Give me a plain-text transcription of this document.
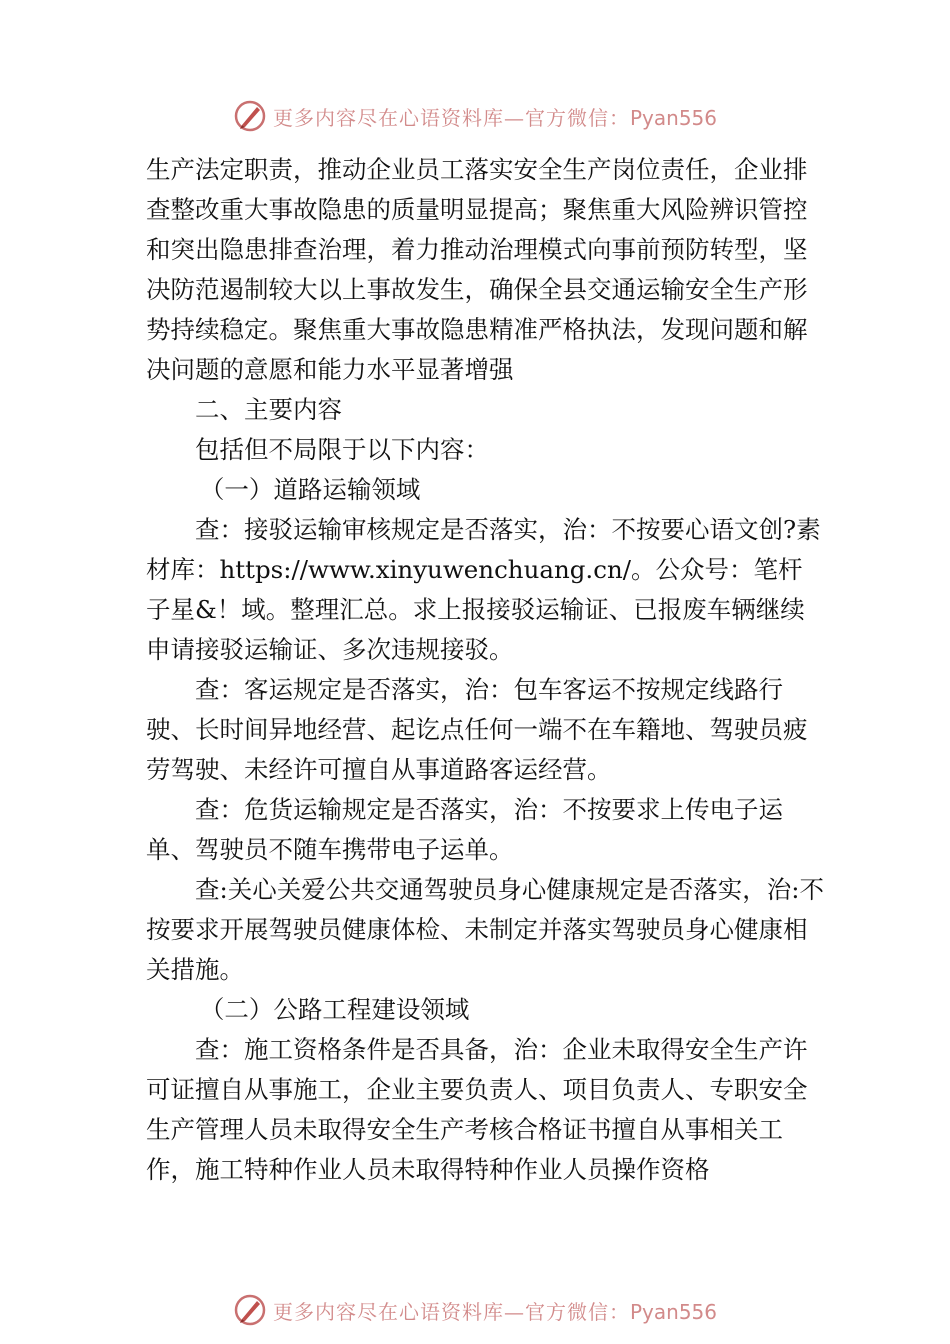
更多内容尽在心语资料库—官方微信：Pyan556

生产法定职责，推动企业员工落实安全生产岗位责任，企业排查整改重大事故隐患的质量明显提高；聚焦重大风险辨识管控和突出隐患排查治理，着力推动治理模式向事前预防转型，坚决防范遏制较大以上事故发生，确保全县交通运输安全生产形势持续稳定。聚焦重大事故隐患精准严格执法，发现问题和解决问题的意愿和能力水平显著增强

二、主要内容

包括但不局限于以下内容：

（一）道路运输领域

查：接驳运输审核规定是否落实，治：不按要心语文创?素材库：https://www.xinyuwenchuang.cn/。公众号：笔杆子星&！域。整理汇总。求上报接驳运输证、已报废车辆继续申请接驳运输证、多次违规接驳。

查：客运规定是否落实，治：包车客运不按规定线路行驶、长时间异地经营、起讫点任何一端不在车籍地、驾驶员疲劳驾驶、未经许可擅自从事道路客运经营。

查：危货运输规定是否落实，治：不按要求上传电子运单、驾驶员不随车携带电子运单。

查:关心关爱公共交通驾驶员身心健康规定是否落实，治:不按要求开展驾驶员健康体检、未制定并落实驾驶员身心健康相关措施。

（二）公路工程建设领域

查：施工资格条件是否具备，治：企业未取得安全生产许可证擅自从事施工，企业主要负责人、项目负责人、专职安全生产管理人员未取得安全生产考核合格证书擅自从事相关工作，施工特种作业人员未取得特种作业人员操作资格

更多内容尽在心语资料库—官方微信：Pyan556
